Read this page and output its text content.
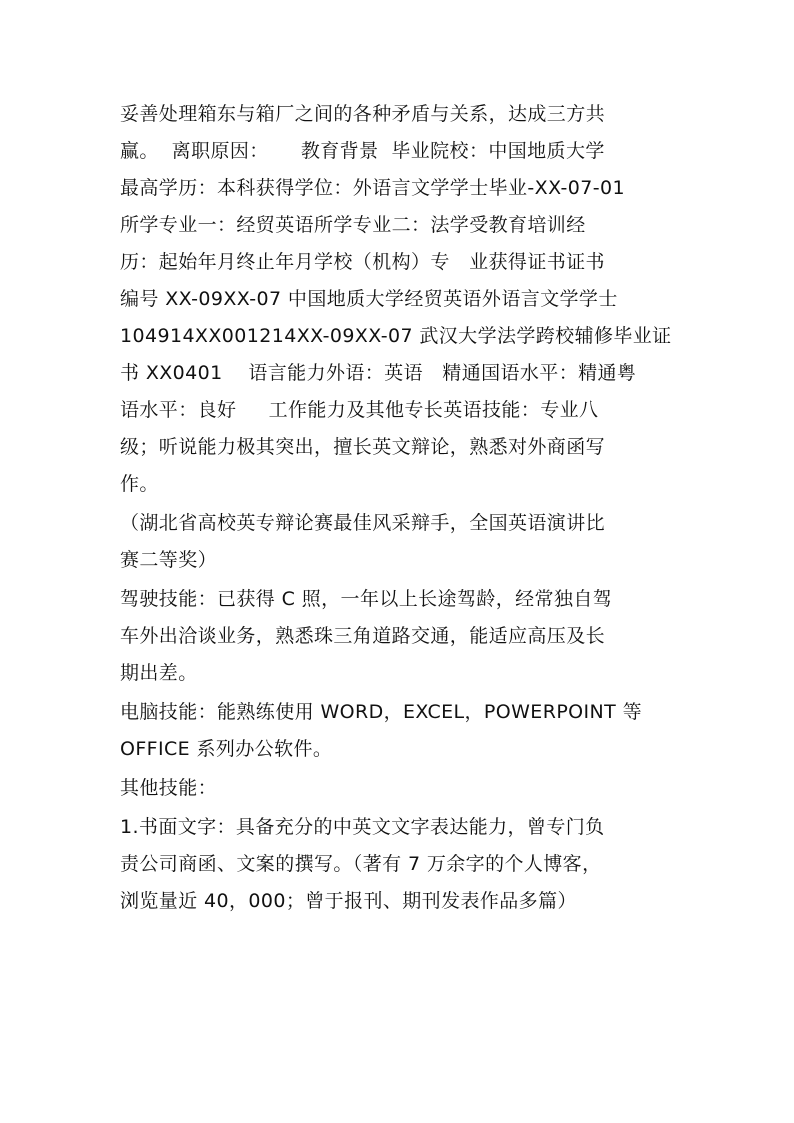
妥善处理箱东与箱厂之间的各种矛盾与关系，达成三方共
赢。  离职原因：     教育背景  毕业院校：中国地质大学
最高学历：本科获得学位：外语言文学学士毕业-XX-07-01
所学专业一：经贸英语所学专业二：法学受教育培训经
历：起始年月终止年月学校（机构）专   业获得证书证书
编号 XX-09XX-07 中国地质大学经贸英语外语言文学学士
104914XX001214XX-09XX-07 武汉大学法学跨校辅修毕业证
书 XX0401    语言能力外语：英语   精通国语水平：精通粤
语水平：良好     工作能力及其他专长英语技能：专业八
级；听说能力极其突出，擅长英文辩论，熟悉对外商函写
作。
（湖北省高校英专辩论赛最佳风采辩手，全国英语演讲比
赛二等奖）
驾驶技能：已获得 C 照，一年以上长途驾龄，经常独自驾
车外出洽谈业务，熟悉珠三角道路交通，能适应高压及长
期出差。
电脑技能：能熟练使用 WORD，EXCEL，POWERPOINT 等
OFFICE 系列办公软件。
其他技能：
1.书面文字：具备充分的中英文文字表达能力，曾专门负
责公司商函、文案的撰写。（著有 7 万余字的个人博客，
浏览量近 40，000；曾于报刊、期刊发表作品多篇）
